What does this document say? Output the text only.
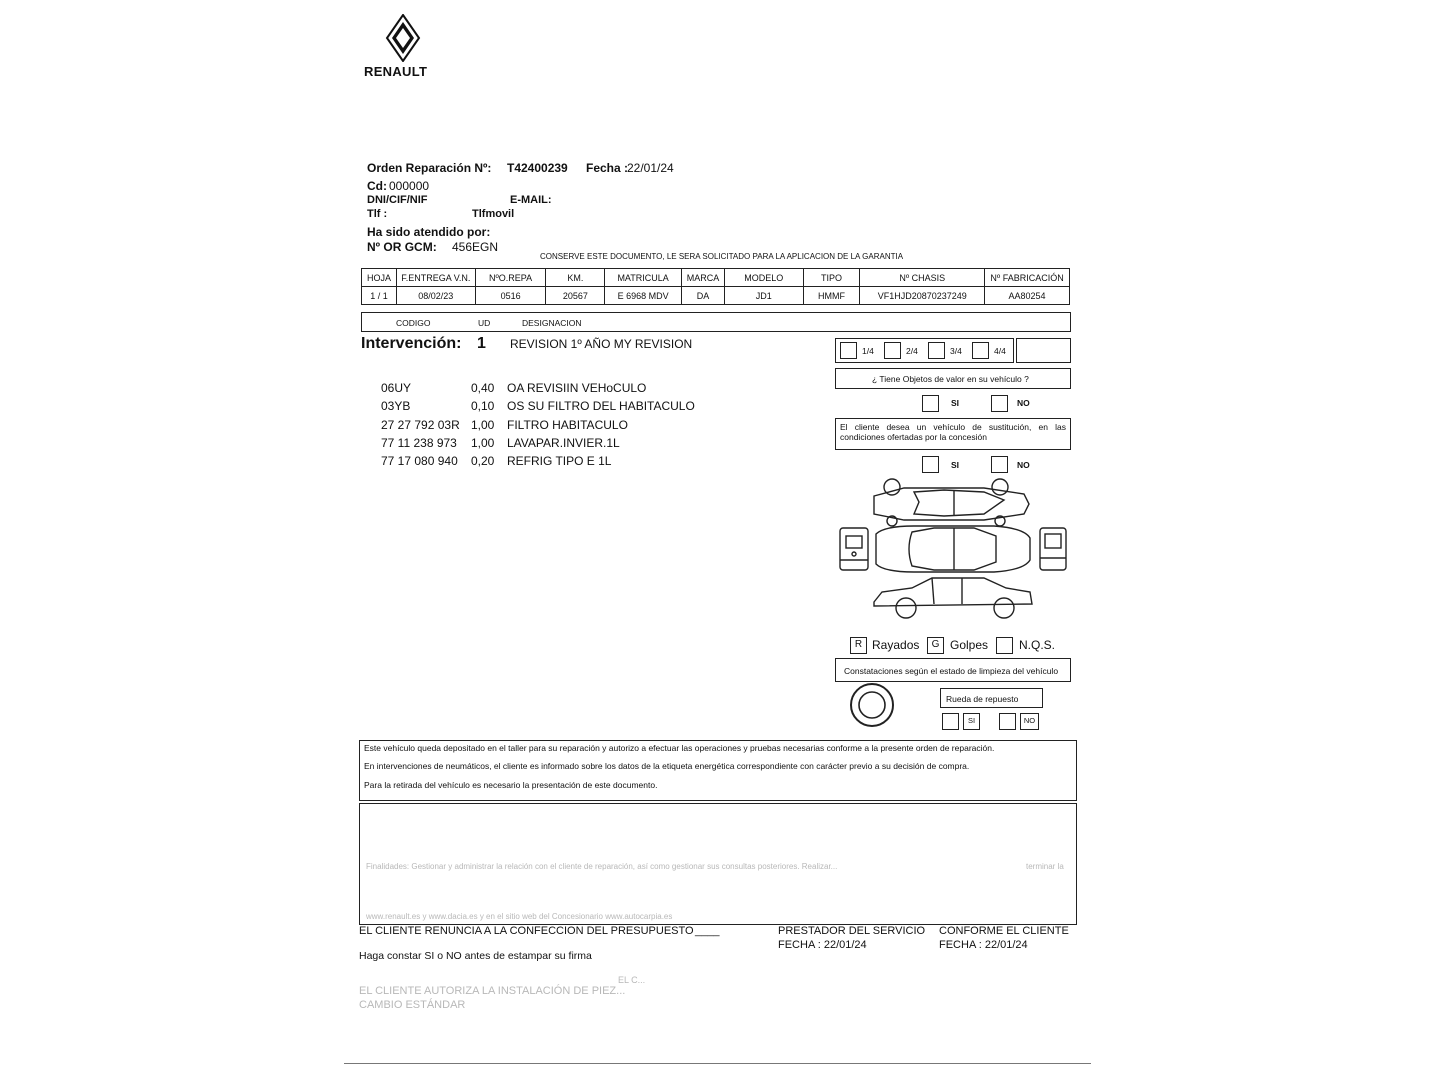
RENAULT
Orden Reparación Nº: T42400239 Fecha :
22/01/24
Cd: 000000
DNI/CIF/NIF	E-MAIL:
Tlf :	Tlfmovil
Ha sido atendido por:
Nº OR GCM: 456EGN
CONSERVE ESTE DOCUMENTO, LE SERA SOLICITADO PARA LA APLICACION DE LA GARANTIA
HOJA	F.ENTREGA V.N.	NºO.REPA	KM.	MATRICULA	MARCA	MODELO	TIPO	Nº CHASIS	Nº FABRICACIÓN
1 / 1	08/02/23	0516	20567	E 6968 MDV	DA	JD1	HMMF	VF1HJD20870237249	AA80254
CODIGO	UD	DESIGNACION
Intervención: 1 REVISION 1º AÑO MY REVISION
06UY	0,40 OA REVISIIN VEHoCULO
03YB	0,10 OS SU FILTRO DEL HABITACULO
27 27 792 03R 1,00 FILTRO HABITACULO
77 11 238 973 1,00 LAVAPAR.INVIER.1L
77 17 080 940 0,20 REFRIG TIPO E 1L
1/4	2/4	3/4	4/4
¿ Tiene Objetos de valor en su vehículo ?
SI	NO
El cliente desea un vehículo de sustitución, en las condiciones ofertadas por la concesión
SI	NO
R Rayados	G Golpes	N.Q.S.
Constataciones según el estado de limpieza del vehículo
Rueda de repuesto
SI	NO
Este vehículo queda depositado en el taller para su reparación y autorizo a efectuar las operaciones y pruebas necesarias conforme a la presente orden de reparación.
En intervenciones de neumáticos, el cliente es informado sobre los datos de la etiqueta energética correspondiente con carácter previo a su decisión de compra.
Para la retirada del vehículo es necesario la presentación de este documento.
Finalidades: Gestionar y administrar la relación con el cliente de reparación, así como gestionar sus consultas posteriores. Realizar...	terminar la
www.renault.es y www.dacia.es y en el sitio web del Concesionario www.autocarpia.es
EL CLIENTE RENUNCIA A LA CONFECCION DEL PRESUPUESTO ____
Haga constar SI o NO antes de estampar su firma
PRESTADOR DEL SERVICIO
FECHA : 22/01/24
CONFORME EL CLIENTE
FECHA : 22/01/24
EL C...
EL CLIENTE AUTORIZA LA INSTALACIÓN DE PIEZ...
CAMBIO ESTÁNDAR
